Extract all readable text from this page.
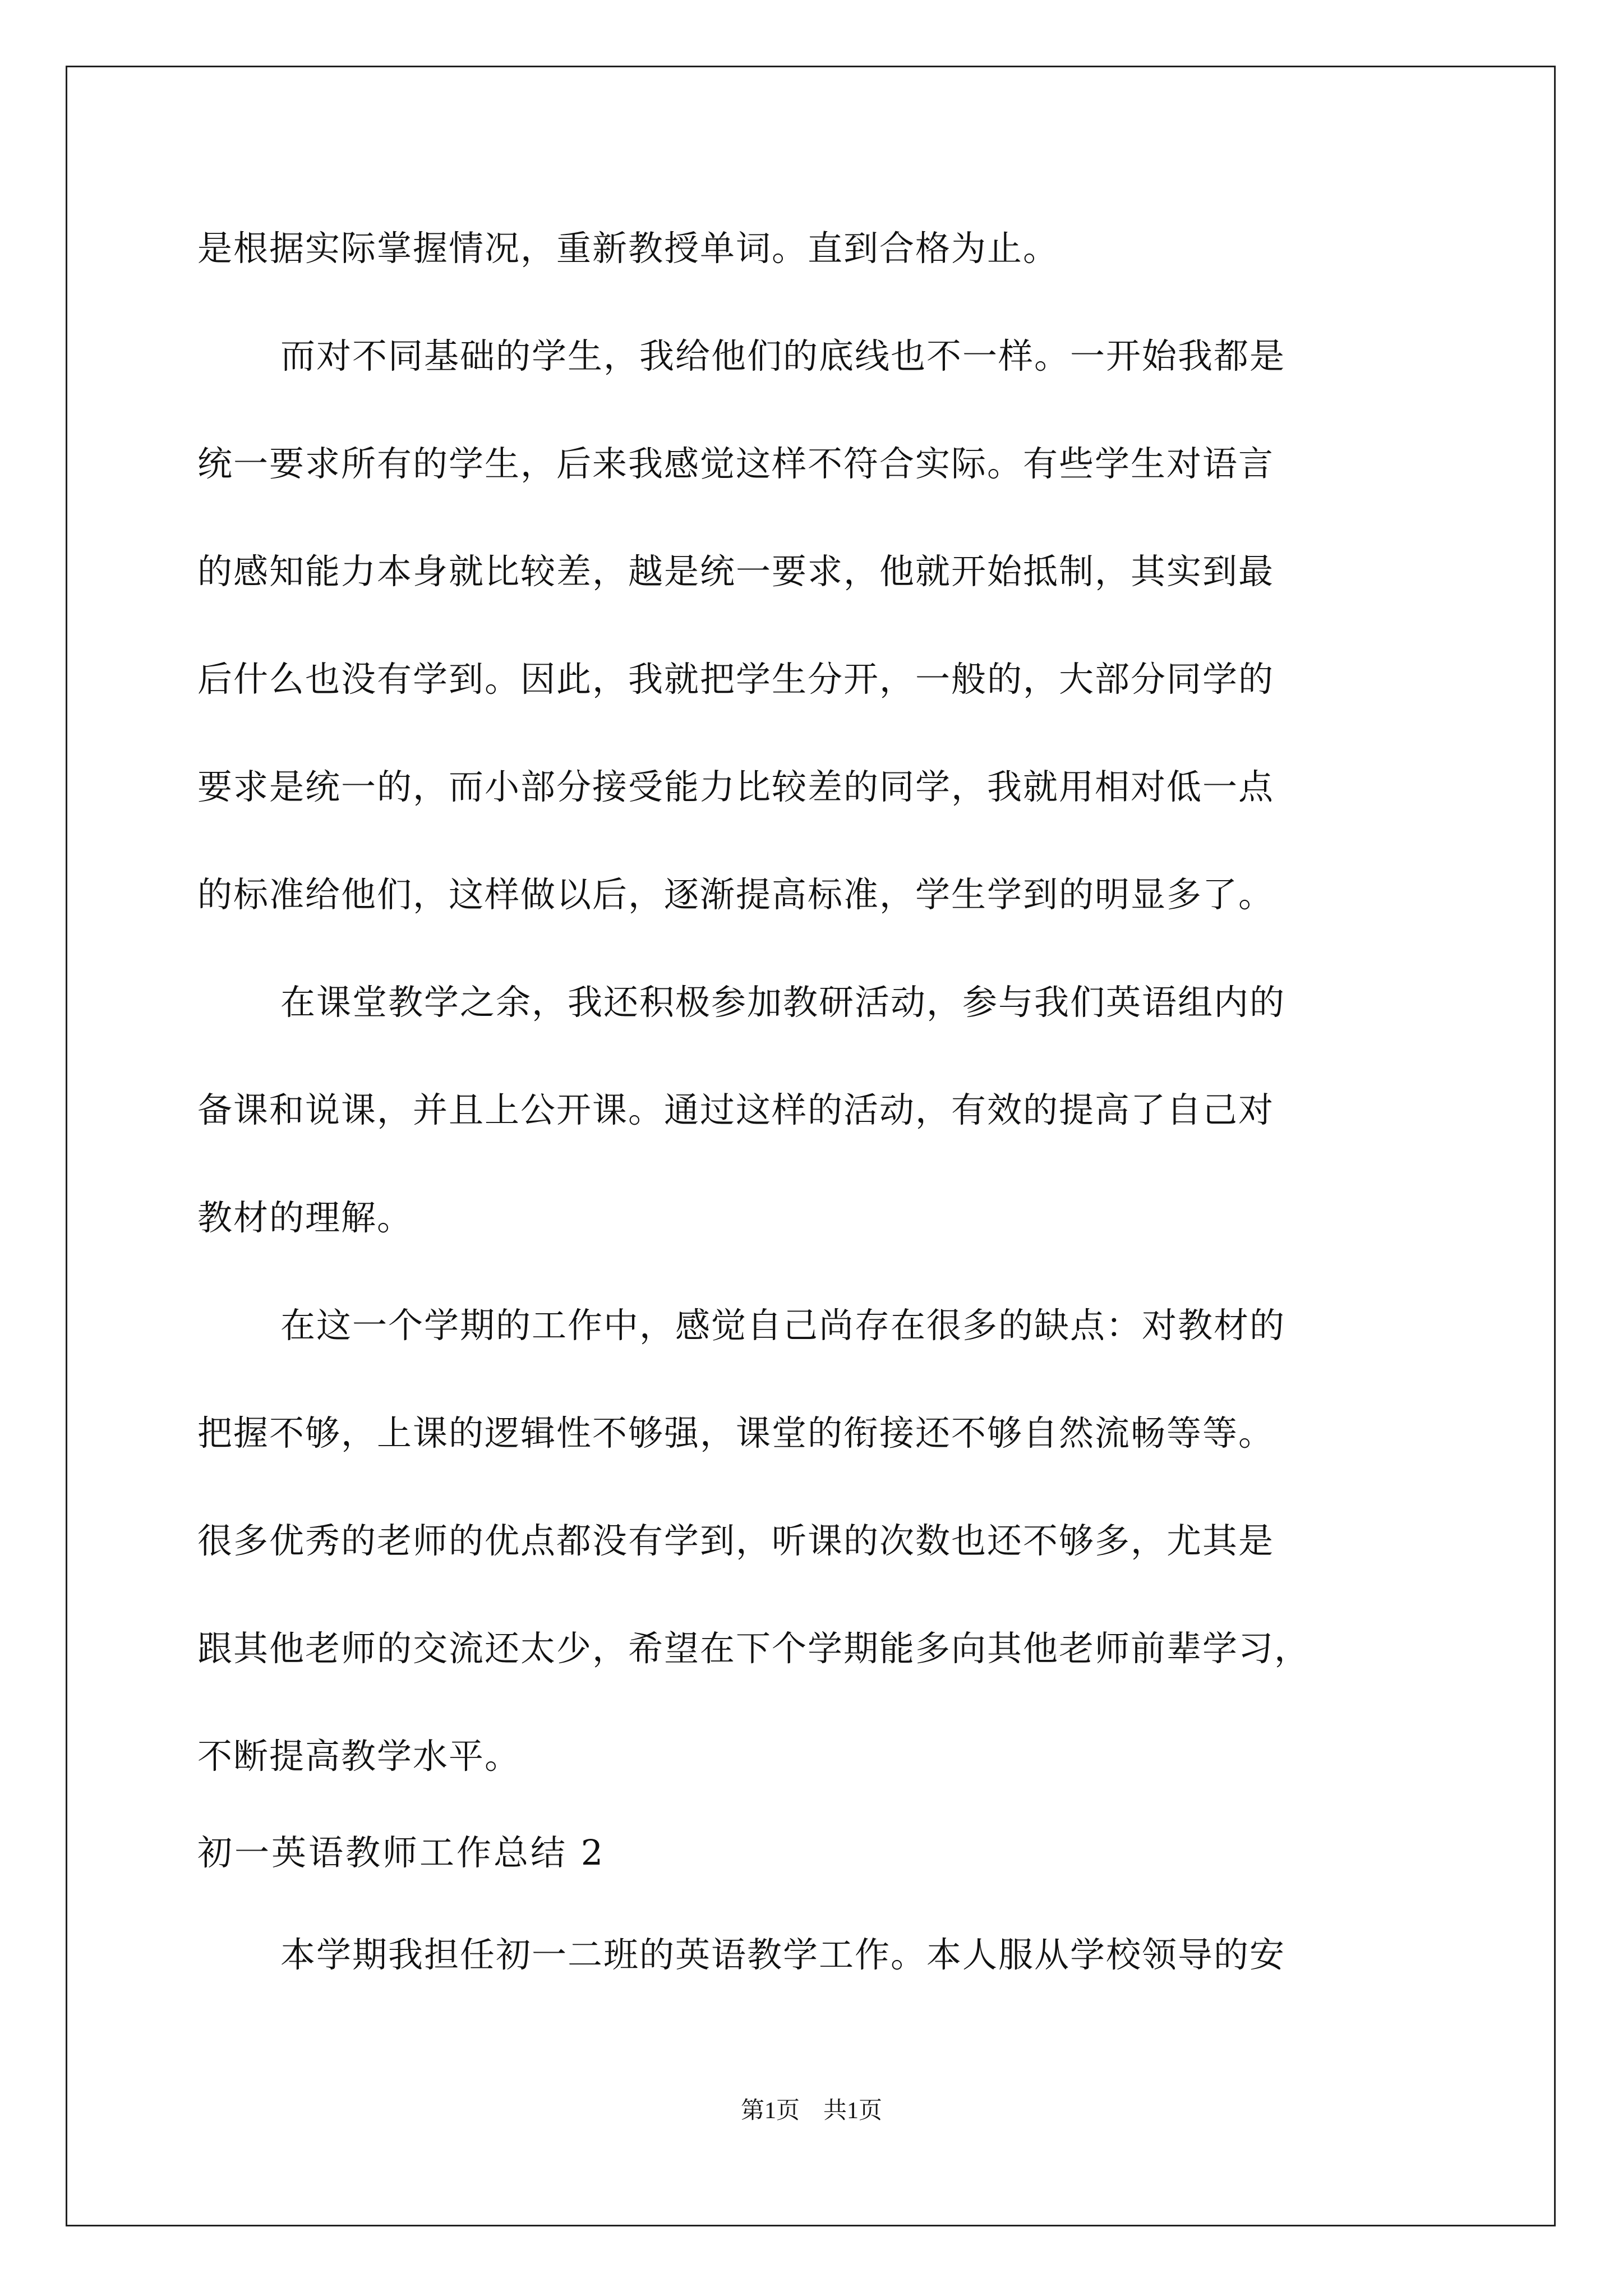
是根据实际掌握情况，重新教授单词。直到合格为止。
而对不同基础的学生，我给他们的底线也不一样。一开始我都是
统一要求所有的学生，后来我感觉这样不符合实际。有些学生对语言
的感知能力本身就比较差，越是统一要求，他就开始抵制，其实到最
后什么也没有学到。因此，我就把学生分开，一般的，大部分同学的
要求是统一的，而小部分接受能力比较差的同学，我就用相对低一点
的标准给他们，这样做以后，逐渐提高标准，学生学到的明显多了。
在课堂教学之余，我还积极参加教研活动，参与我们英语组内的
备课和说课，并且上公开课。通过这样的活动，有效的提高了自己对
教材的理解。
在这一个学期的工作中，感觉自己尚存在很多的缺点：对教材的
把握不够，上课的逻辑性不够强，课堂的衔接还不够自然流畅等等。
很多优秀的老师的优点都没有学到，听课的次数也还不够多，尤其是
跟其他老师的交流还太少，希望在下个学期能多向其他老师前辈学习，
不断提高教学水平。
初一英语教师工作总结 2
本学期我担任初一二班的英语教学工作。本人服从学校领导的安
第1页　共1页
